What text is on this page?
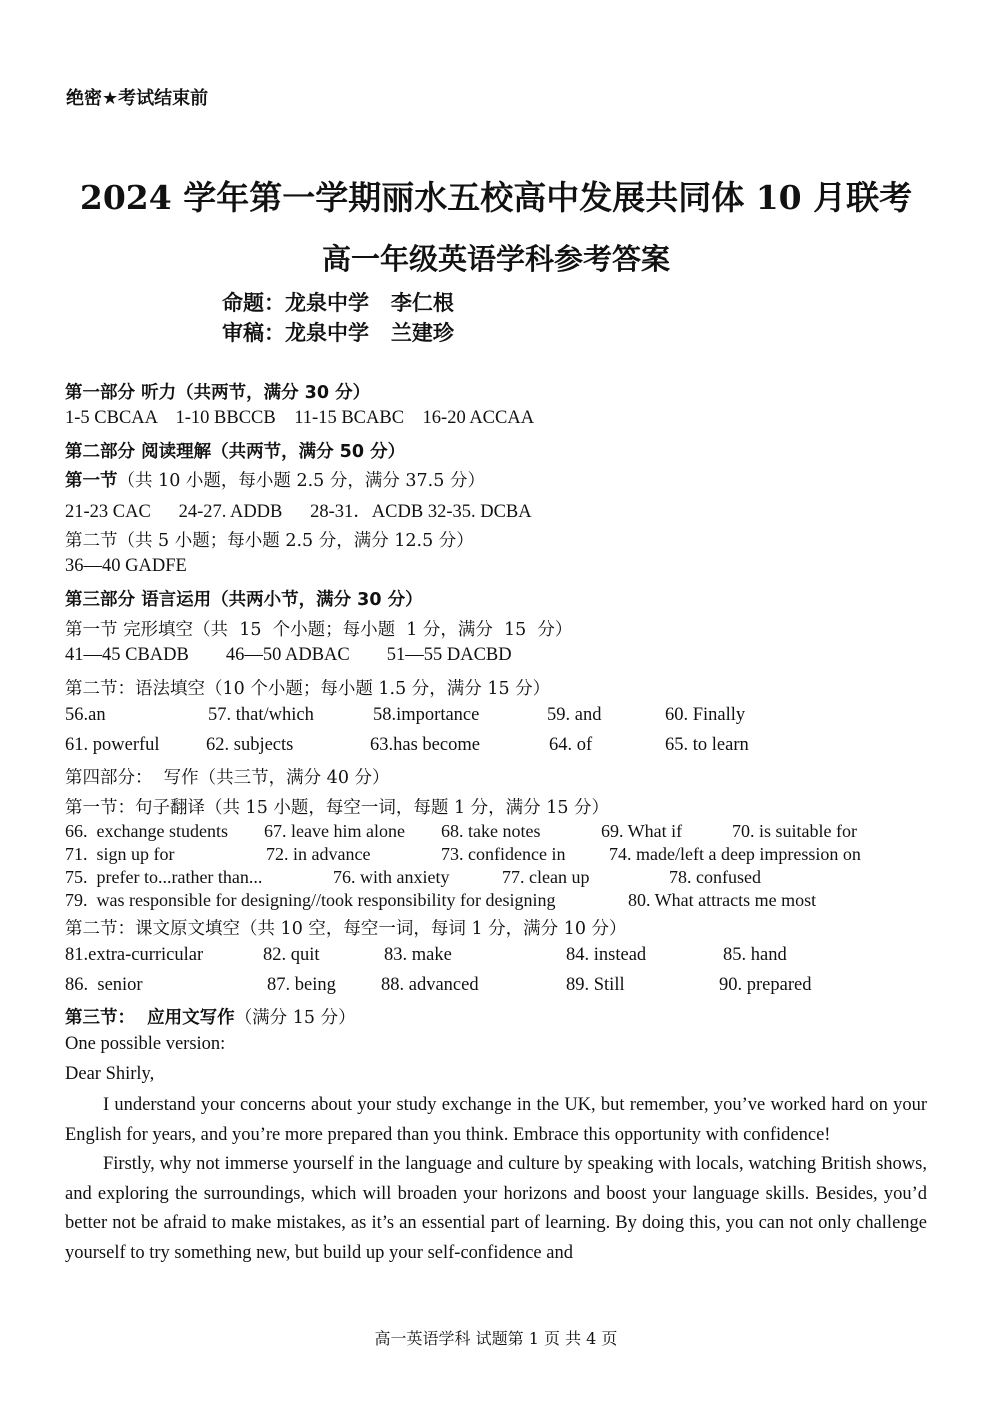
绝密★考试结束前
2024 学年第一学期丽水五校高中发展共同体 10 月联考
高一年级英语学科参考答案
命题：龙泉中学   李仁根
审稿：龙泉中学   兰建珍
第一部分 听力（共两节，满分 30 分）
1-5 CBCAA    1-10 BBCCB    11-15 BCABC    16-20 ACCAA
第二部分 阅读理解（共两节，满分 50 分）
第一节（共 10 小题，每小题 2.5 分，满分 37.5 分）
21-23 CAC      24-27. ADDB      28-31．ACDB 32-35. DCBA
第二节（共 5 小题；每小题 2.5 分，满分 12.5 分）
36—40 GADFE
第三部分 语言运用（共两小节，满分 30 分）
第一节 完形填空（共  15  个小题；每小题  1 分，满分  15  分）
41—45 CBADB        46—50 ADBAC        51—55 DACBD
第二节：语法填空（10 个小题；每小题 1.5 分，满分 15 分）
56.an	57. that/which	58.importance	59. and	60. Finally
61. powerful	62. subjects	63.has become	64. of	65. to learn
第四部分：  写作（共三节，满分 40 分）
第一节：句子翻译（共 15 小题，每空一词，每题 1 分，满分 15 分）
66.  exchange students 67. leave him alone 68. take notes	69. What if	70. is suitable for
71.  sign up for	72. in advance	73. confidence in 74. made/left a deep impression on
75.  prefer to...rather than...	76. with anxiety	77. clean up	78. confused
79.  was responsible for designing//took responsibility for designing	80. What attracts me most
第二节：课文原文填空（共 10 空，每空一词，每词 1 分，满分 10 分）
81.extra-curricular	82. quit	83. make	84. instead	85. hand
86.  senior	87. being 88. advanced	89. Still	90. prepared
第三节：  应用文写作（满分 15 分）
One possible version:
Dear Shirly,

I understand your concerns about your study exchange in the UK, but remember, you’ve worked hard on your English for years, and you’re more prepared than you think. Embrace this opportunity with confidence!

Firstly, why not immerse yourself in the language and culture by speaking with locals, watching British shows, and exploring the surroundings, which will broaden your horizons and boost your language skills. Besides, you’d better not be afraid to make mistakes, as it’s an essential part of learning. By doing this, you can not only challenge yourself to try something new, but build up your self-confidence and

高一英语学科 试题第 1 页 共 4 页
